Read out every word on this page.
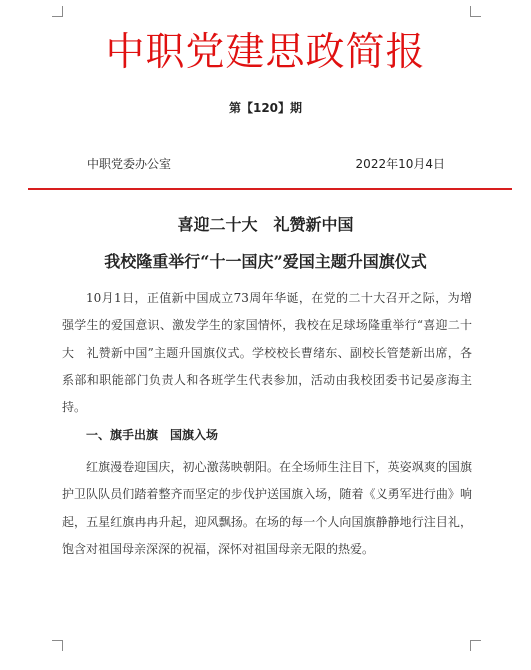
中职党建思政简报
第【120】期
中职党委办公室	2022年10月4日
喜迎二十大　礼赞新中国
我校隆重举行“十一国庆”爱国主题升国旗仪式
10月1日，正值新中国成立73周年华诞，在党的二十大召开之际，为增强学生的爱国意识、激发学生的家国情怀，我校在足球场隆重举行“喜迎二十大　礼赞新中国”主题升国旗仪式。学校校长曹绪东、副校长管楚新出席，各系部和职能部门负责人和各班学生代表参加，活动由我校团委书记晏彦海主持。
一、旗手出旗　国旗入场
红旗漫卷迎国庆，初心激荡映朝阳。在全场师生注目下，英姿飒爽的国旗护卫队队员们踏着整齐而坚定的步伐护送国旗入场，随着《义勇军进行曲》响起，五星红旗冉冉升起，迎风飘扬。在场的每一个人向国旗静静地行注目礼，饱含对祖国母亲深深的祝福，深怀对祖国母亲无限的热爱。
